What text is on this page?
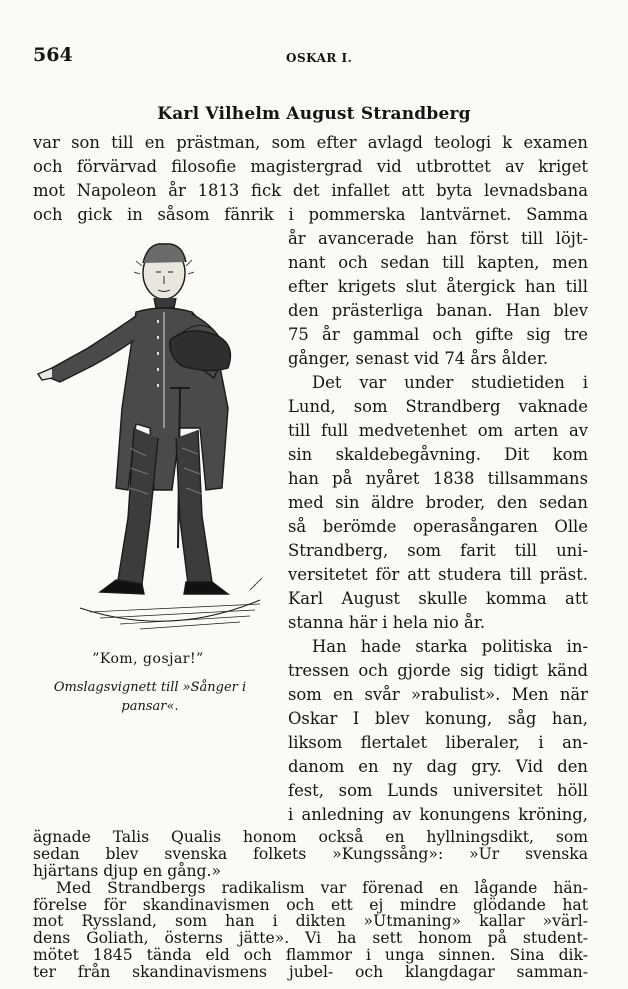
564	OSKAR I.
Karl Vilhelm August Strandberg
”Kom, gosjar!”
Omslagsvignett till »Sånger i
pansar«.
var son till en prästman, som efter avlagd teologi k examen
och förvärvad filosofie magistergrad vid utbrottet av kriget
mot Napoleon år 1813 fick det infallet att byta levnadsbana
och gick in såsom fänrik i pommerska lantvärnet. Samma
år avancerade han först till löjt-
nant och sedan till kapten, men
efter krigets slut återgick han till
den prästerliga banan. Han blev
75 år gammal och gifte sig tre
gånger, senast vid 74 års ålder.
Det var under studietiden i
Lund, som Strandberg vaknade
till full medvetenhet om arten av
sin skaldebegåvning. Dit kom
han på nyåret 1838 tillsammans
med sin äldre broder, den sedan
så berömde operasångaren Olle
Strandberg, som farit till uni-
versitetet för att studera till präst.
Karl August skulle komma att
stanna här i hela nio år.
Han hade starka politiska in-
tressen och gjorde sig tidigt känd
som en svår »rabulist». Men när
Oskar I blev konung, såg han,
liksom flertalet liberaler, i an-
danom en ny dag gry. Vid den
fest, som Lunds universitet höll
i anledning av konungens kröning,
ägnade Talis Qualis honom också en hyllningsdikt, som
sedan blev svenska folkets »Kungssång»: »Ur svenska
hjärtans djup en gång.»
Med Strandbergs radikalism var förenad en lågande hän-
förelse för skandinavismen och ett ej mindre glödande hat
mot Ryssland, som han i dikten »Utmaning» kallar »värl-
dens Goliath, österns jätte». Vi ha sett honom på student-
mötet 1845 tända eld och flammor i unga sinnen. Sina dik-
ter från skandinavismens jubel- och klangdagar samman-
